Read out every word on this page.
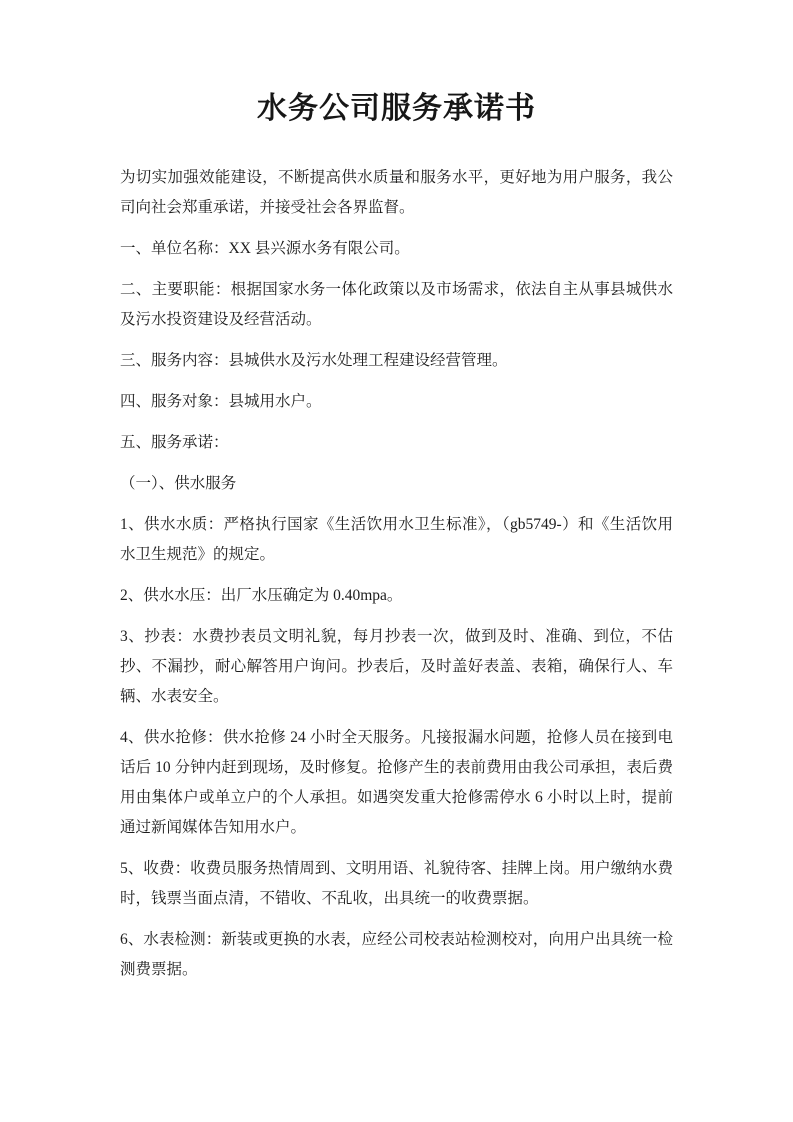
水务公司服务承诺书

为切实加强效能建设，不断提高供水质量和服务水平，更好地为用户服务，我公司向社会郑重承诺，并接受社会各界监督。

一、单位名称：XX 县兴源水务有限公司。

二、主要职能：根据国家水务一体化政策以及市场需求，依法自主从事县城供水及污水投资建设及经营活动。

三、服务内容：县城供水及污水处理工程建设经营管理。

四、服务对象：县城用水户。

五、服务承诺：

（一）、供水服务

1、供水水质：严格执行国家《生活饮用水卫生标准》，（gb5749-）和《生活饮用水卫生规范》的规定。

2、供水水压：出厂水压确定为 0.40mpa。

3、抄表：水费抄表员文明礼貌，每月抄表一次，做到及时、准确、到位，不估抄、不漏抄，耐心解答用户询问。抄表后，及时盖好表盖、表箱，确保行人、车辆、水表安全。

4、供水抢修：供水抢修 24 小时全天服务。凡接报漏水问题，抢修人员在接到电话后 10 分钟内赶到现场，及时修复。抢修产生的表前费用由我公司承担，表后费用由集体户或单立户的个人承担。如遇突发重大抢修需停水 6 小时以上时，提前通过新闻媒体告知用水户。

5、收费：收费员服务热情周到、文明用语、礼貌待客、挂牌上岗。用户缴纳水费时，钱票当面点清，不错收、不乱收，出具统一的收费票据。

6、水表检测：新装或更换的水表，应经公司校表站检测校对，向用户出具统一检测费票据。
